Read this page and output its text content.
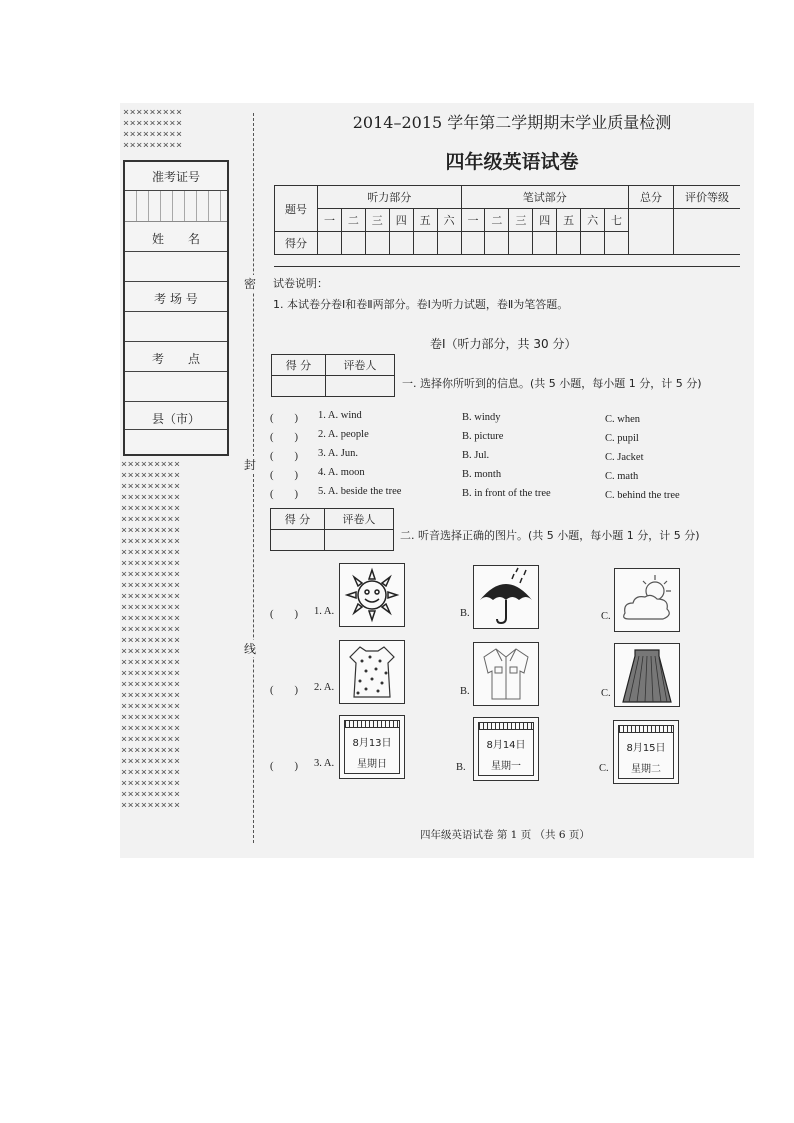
×××××××××
×××××××××
×××××××××
×××××××××
准考证号
姓　　名
考 场 号
考　　点
县（市）
×××××××××
×××××××××
×××××××××
×××××××××
×××××××××
×××××××××
×××××××××
×××××××××
×××××××××
×××××××××
×××××××××
×××××××××
×××××××××
×××××××××
×××××××××
×××××××××
×××××××××
×××××××××
×××××××××
×××××××××
×××××××××
×××××××××
×××××××××
×××××××××
×××××××××
×××××××××
×××××××××
×××××××××
×××××××××
×××××××××
×××××××××
×××××××××
密
封
线
2014–2015 学年第二学期期末学业质量检测
四年级英语试卷
题号	听力部分						笔试部分							总分	评价等级
	一	二	三	四	五	六	一	二	三	四	五	六	七		
得分															
试卷说明：
1. 本试卷分卷Ⅰ和卷Ⅱ两部分。卷Ⅰ为听力试题，卷Ⅱ为笔答题。
卷Ⅰ（听力部分，共 30 分）
得 分	评卷人

一. 选择你所听到的信息。(共 5 小题，每小题 1 分，计 5 分)
(　　) 1. A. wind	B. windy	C. when
(　　) 2. A. people	B. picture	C. pupil
(　　) 3. A. Jun.	B. Jul.	C. Jacket
(　　) 4. A. moon	B. month	C. math
(　　) 5. A. beside the tree	B. in front of the tree	C. behind the tree
得 分	评卷人

二. 听音选择正确的图片。(共 5 小题，每小题 1 分，计 5 分)
(　　) 1. A.	B.	C.
(　　) 2. A.	B.	C.
(　　) 3. A.
8月13日
星期日	B.
8月14日
星期一	C.
8月15日
星期二
四年级英语试卷 第 1 页 （共 6 页）
